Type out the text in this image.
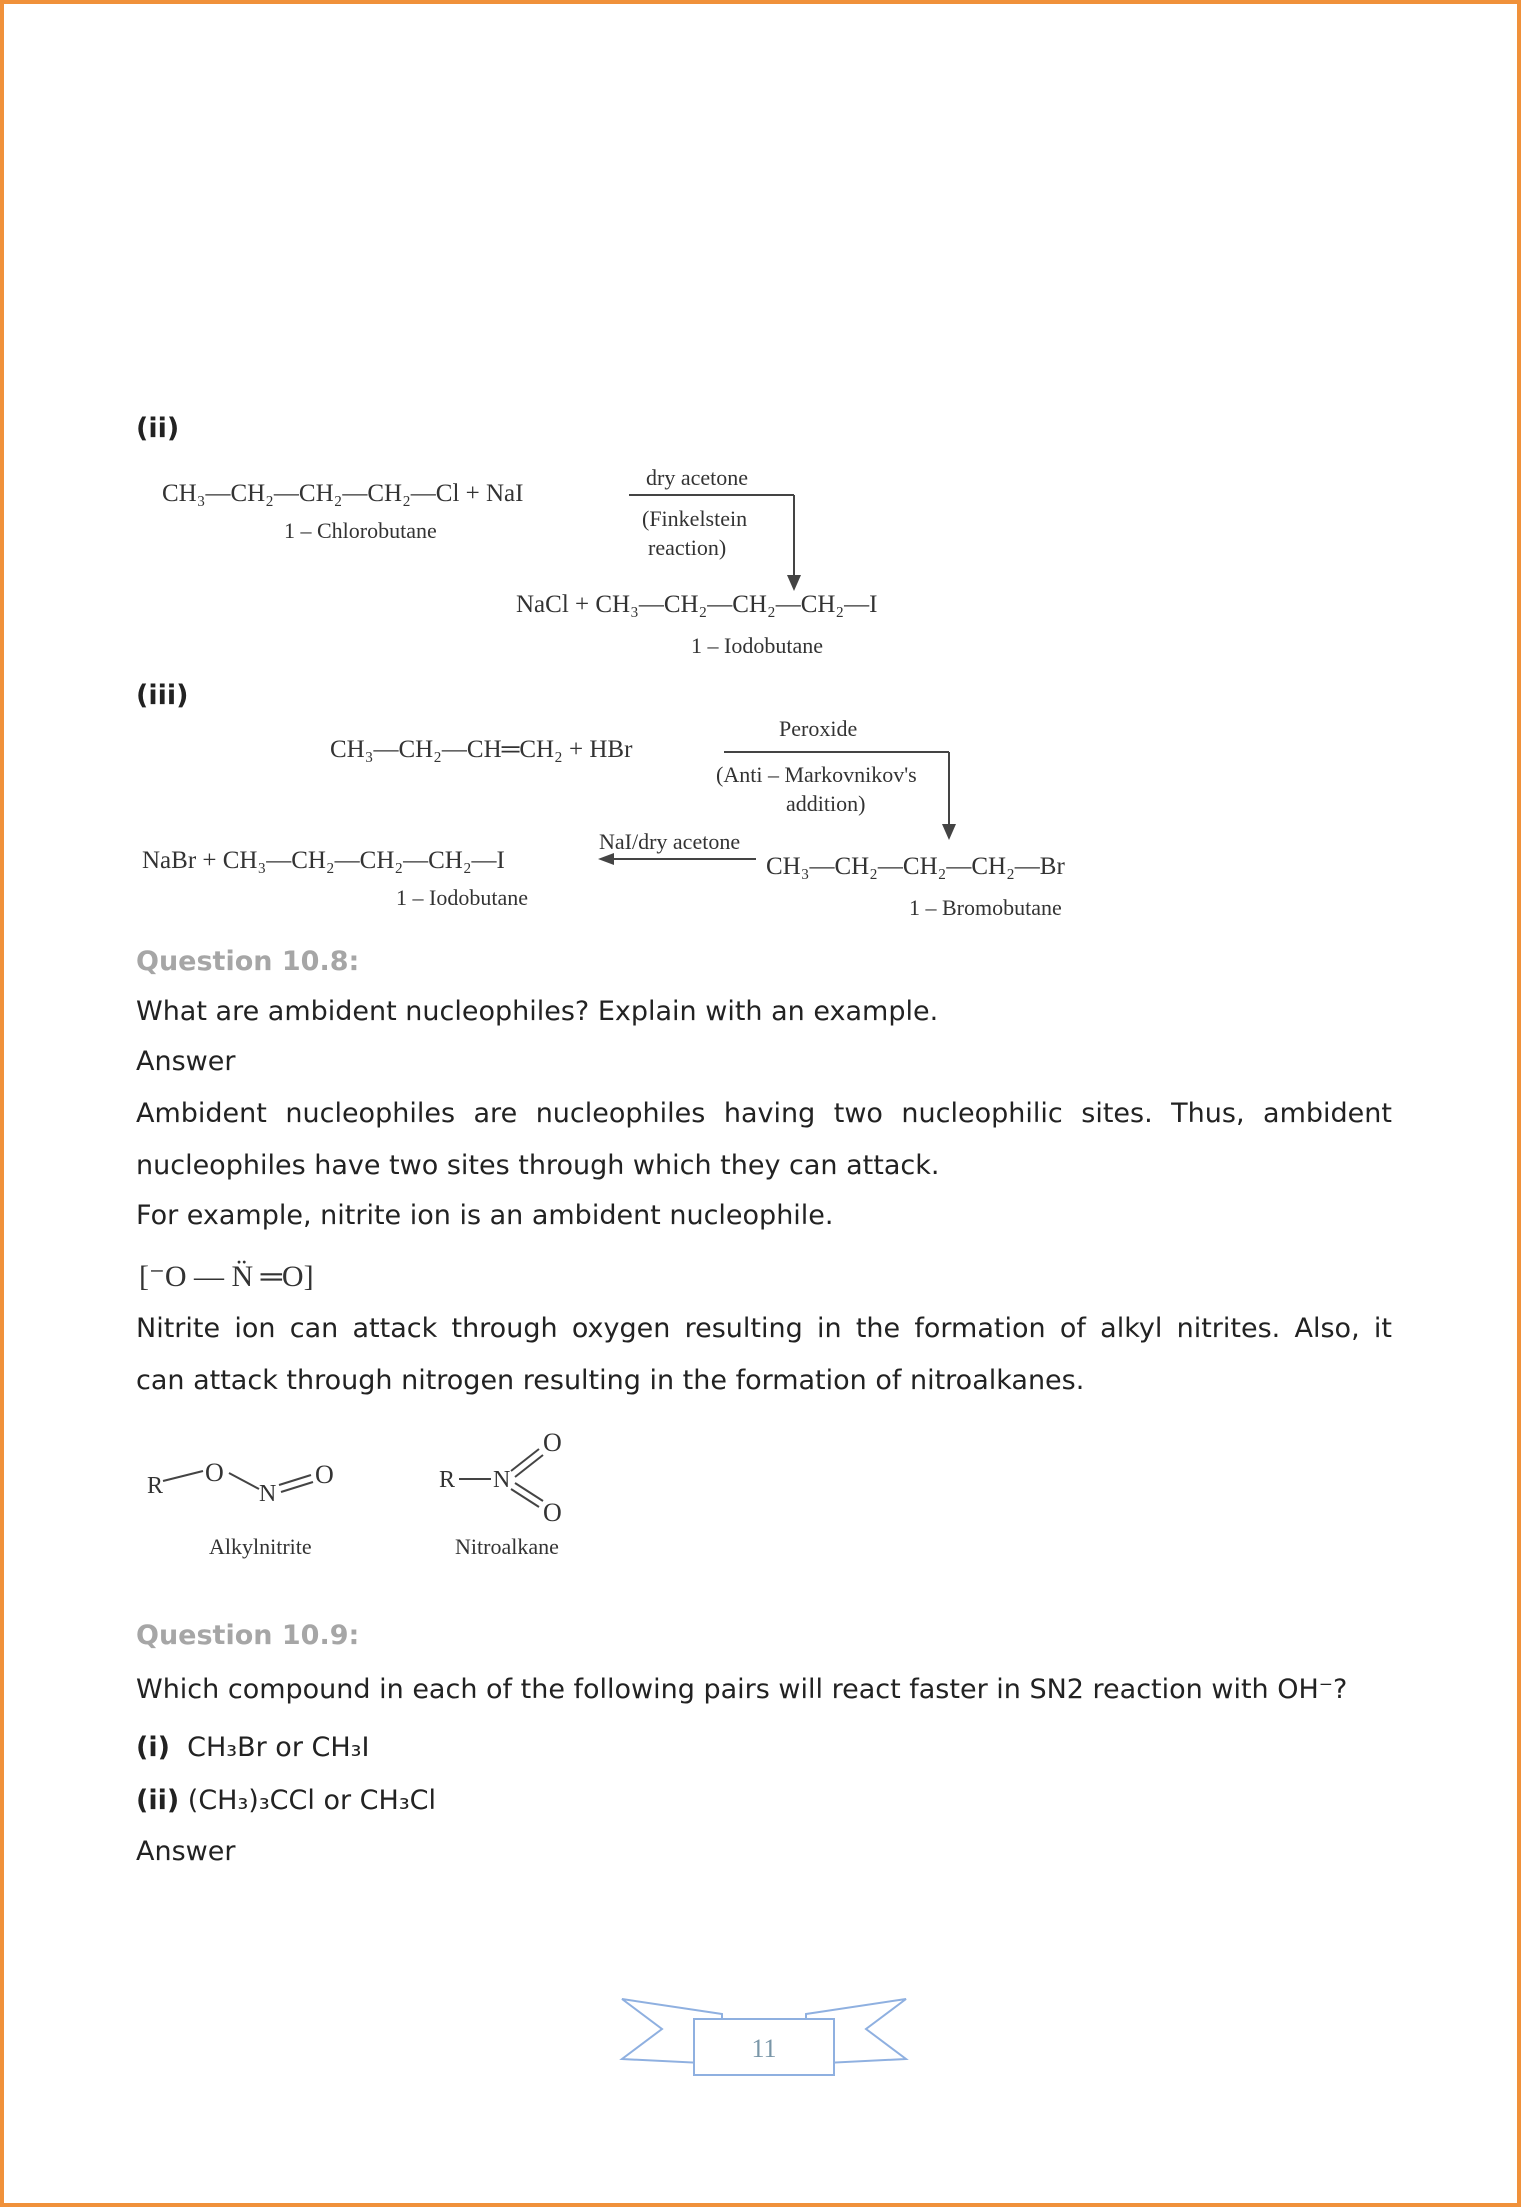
(ii)
CH₃—CH₂—CH₂—CH₂—Cl + NaI
1 – Chlorobutane
dry acetone
(Finkelstein
reaction)
NaCl + CH₃—CH₂—CH₂—CH₂—I
1 – Iodobutane
(iii)
CH₃—CH₂—CH═CH₂ + HBr
Peroxide
(Anti – Markovnikov's
addition)
CH₃—CH₂—CH₂—CH₂—Br
1 – Bromobutane
NaI/dry acetone
NaBr + CH₃—CH₂—CH₂—CH₂—I
1 – Iodobutane
Question 10.8:
What are ambident nucleophiles? Explain with an example.
Answer
Ambident nucleophiles are nucleophiles having two nucleophilic sites. Thus, ambident
nucleophiles have two sites through which they can attack.
For example, nitrite ion is an ambident nucleophile.
[⁻O — N̈ ═O]
Nitrite ion can attack through oxygen resulting in the formation of alkyl nitrites. Also, it
can attack through nitrogen resulting in the formation of nitroalkanes.
R O
N
O
Alkylnitrite
R N
O
O
Nitroalkane
Question 10.9:
Which compound in each of the following pairs will react faster in SN2 reaction with OH⁻?
(i) CH₃Br or CH₃I
(ii) (CH₃)₃CCl or CH₃Cl
Answer
11
